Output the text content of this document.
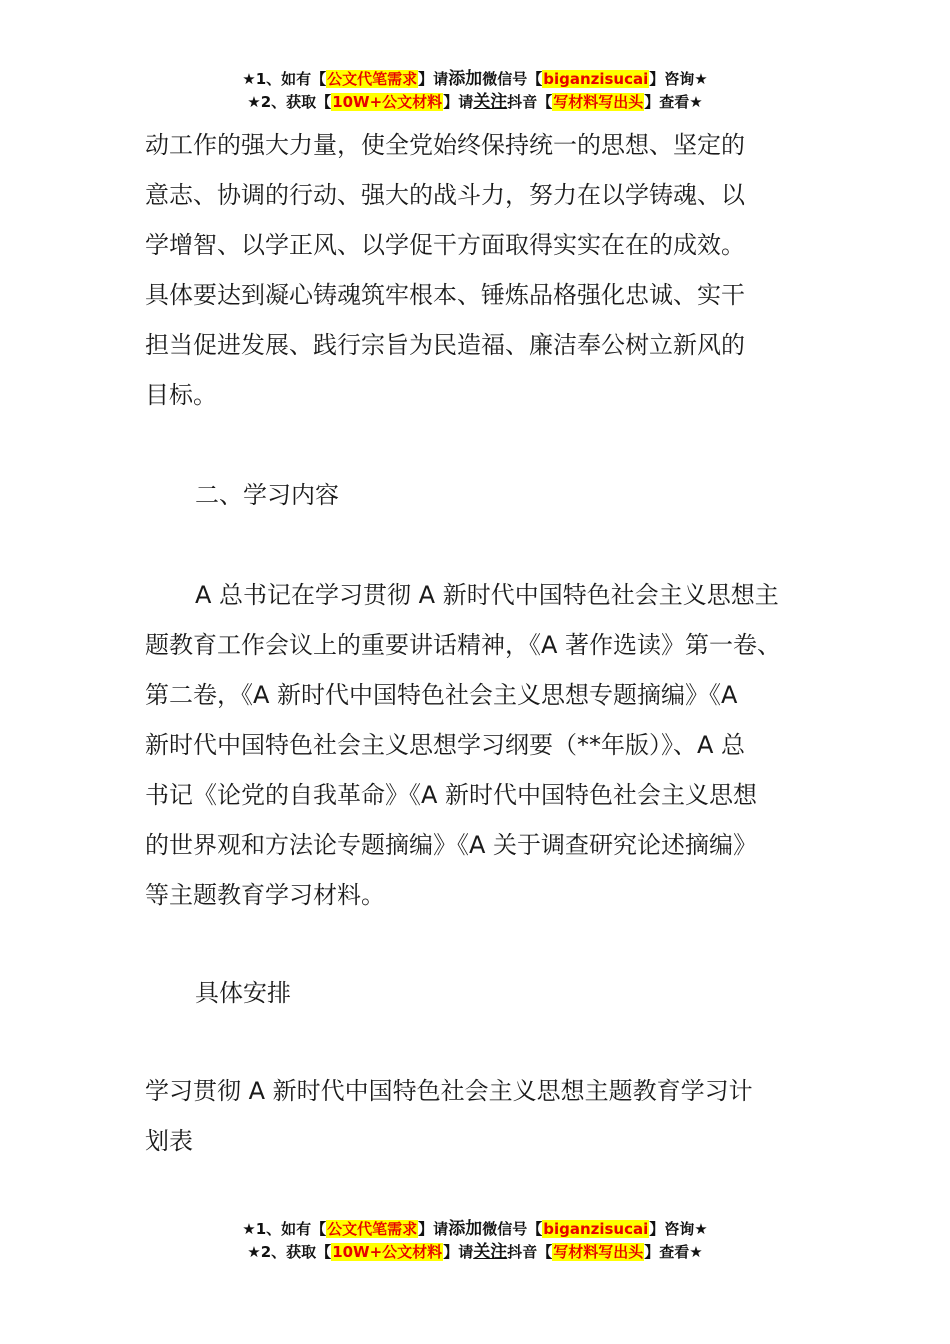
★1、如有【公文代笔需求】请添加微信号【biganzisucai】咨询★
★2、获取【10W+公文材料】请关注抖音【写材料写出头】查看★

动工作的强大力量，使全党始终保持统一的思想、坚定的
意志、协调的行动、强大的战斗力，努力在以学铸魂、以
学增智、以学正风、以学促干方面取得实实在在的成效。
具体要达到凝心铸魂筑牢根本、锤炼品格强化忠诚、实干
担当促进发展、践行宗旨为民造福、廉洁奉公树立新风的
目标。

二、学习内容

A 总书记在学习贯彻 A 新时代中国特色社会主义思想主
题教育工作会议上的重要讲话精神，《A 著作选读》第一卷、
第二卷，《A 新时代中国特色社会主义思想专题摘编》《A
新时代中国特色社会主义思想学习纲要（**年版）》、A 总
书记《论党的自我革命》《A 新时代中国特色社会主义思想
的世界观和方法论专题摘编》《A 关于调查研究论述摘编》
等主题教育学习材料。

具体安排

学习贯彻 A 新时代中国特色社会主义思想主题教育学习计
划表

★1、如有【公文代笔需求】请添加微信号【biganzisucai】咨询★
★2、获取【10W+公文材料】请关注抖音【写材料写出头】查看★
